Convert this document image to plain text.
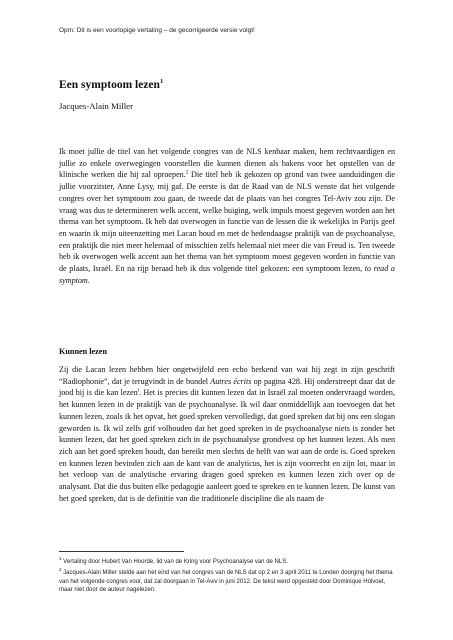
Opm: Dit is een voorlopige vertaling – de gecorrigeerde versie volgt!
Een symptoom lezen$^1$
Jacques-Alain Miller

Ik moet jullie de titel van het volgende congres van de NLS kenbaar maken, hem rechtvaardigen en jullie zo enkele overwegingen voorstellen die kunnen dienen als bakens voor het opstellen van de klinische werken die hij zal oproepen.$^2$ Die titel heb ik gekozen op grond van twee aanduidingen die jullie voorzitster, Anne Lysy, mij gaf. De eerste is dat de Raad van de NLS wenste dat het volgende congres over het symptoom zou gaan, de tweede dat de plaats van het congres Tel-Aviv zou zijn. De vraag was dus te determineren welk accent, welke buiging, welk impuls moest gegeven worden aan het thema van het symptoom. Ik heb dat overwogen in functie van de lessen die ik wekelijks in Parijs geef en waarin ik mijn uiteenzetting met Lacan houd en met de hedendaagse praktijk van de psychoanalyse, een praktijk die niet meer helemaal of misschien zelfs helemaal niet meer die van Freud is. Ten tweede heb ik overwogen welk accent aan het thema van het symptoom moest gegeven worden in functie van de plaats, Israël. En na rijp beraad heb ik dus volgende titel gekozen: een symptoom lezen, to read a symptom.

Kunnen lezen

Zij die Lacan lezen hebben hier ongetwijfeld een echo herkend van wat hij zegt in zijn geschrift “Radiophonie”, dat je terugvindt in de bundel Autres écrits op pagina 428. Hij onderstreept daar dat de jood hij is die kan lezen$^i$. Het is precies dit kunnen lezen dat in Israël zal moeten ondervraagd worden, het kunnen lezen in de praktijk van de psychoanalyse. Ik wil daar onmiddellijk aan toevoegen dat het kunnen lezen, zoals ik het opvat, het goed spreken vervolledigt, dat goed spreken dat bij ons een slogan geworden is. Ik wil zelfs grif volhouden dat het goed spreken in de psychoanalyse niets is zonder het kunnen lezen, dat het goed spreken zich in de psychoanalyse grondvest op het kunnen lezen. Als men zich aan het goed spreken houdt, dan bereikt men slechts de helft van wat aan de orde is. Goed spreken en kunnen lezen bevinden zich aan de kant van de analyticus, het is zijn voorrecht en zijn lot, maar in het verloop van de analytische ervaring dragen goed spreken en kunnen lezen zich over op de analysant. Dat die dus buiten elke pedagogie aanleert goed te spreken en te kunnen lezen. De kunst van het goed spreken, dat is de definitie van die traditionele discipline die als naam de

$^1$ Vertaling door Hubert Van Hoorde, lid van de Kring voor Psychoanalyse van de NLS.

$^2$ Jacques-Alain Miller stelde aan het eind van het congres van de NLS dat op 2 en 3 april 2011 te Londen doorging het thema van het volgende congres voor, dat zal doorgaan in Tel-Aviv in juni 2012. De tekst werd opgesteld door Dominique Holvoet, maar niet door de auteur nagelezen.
